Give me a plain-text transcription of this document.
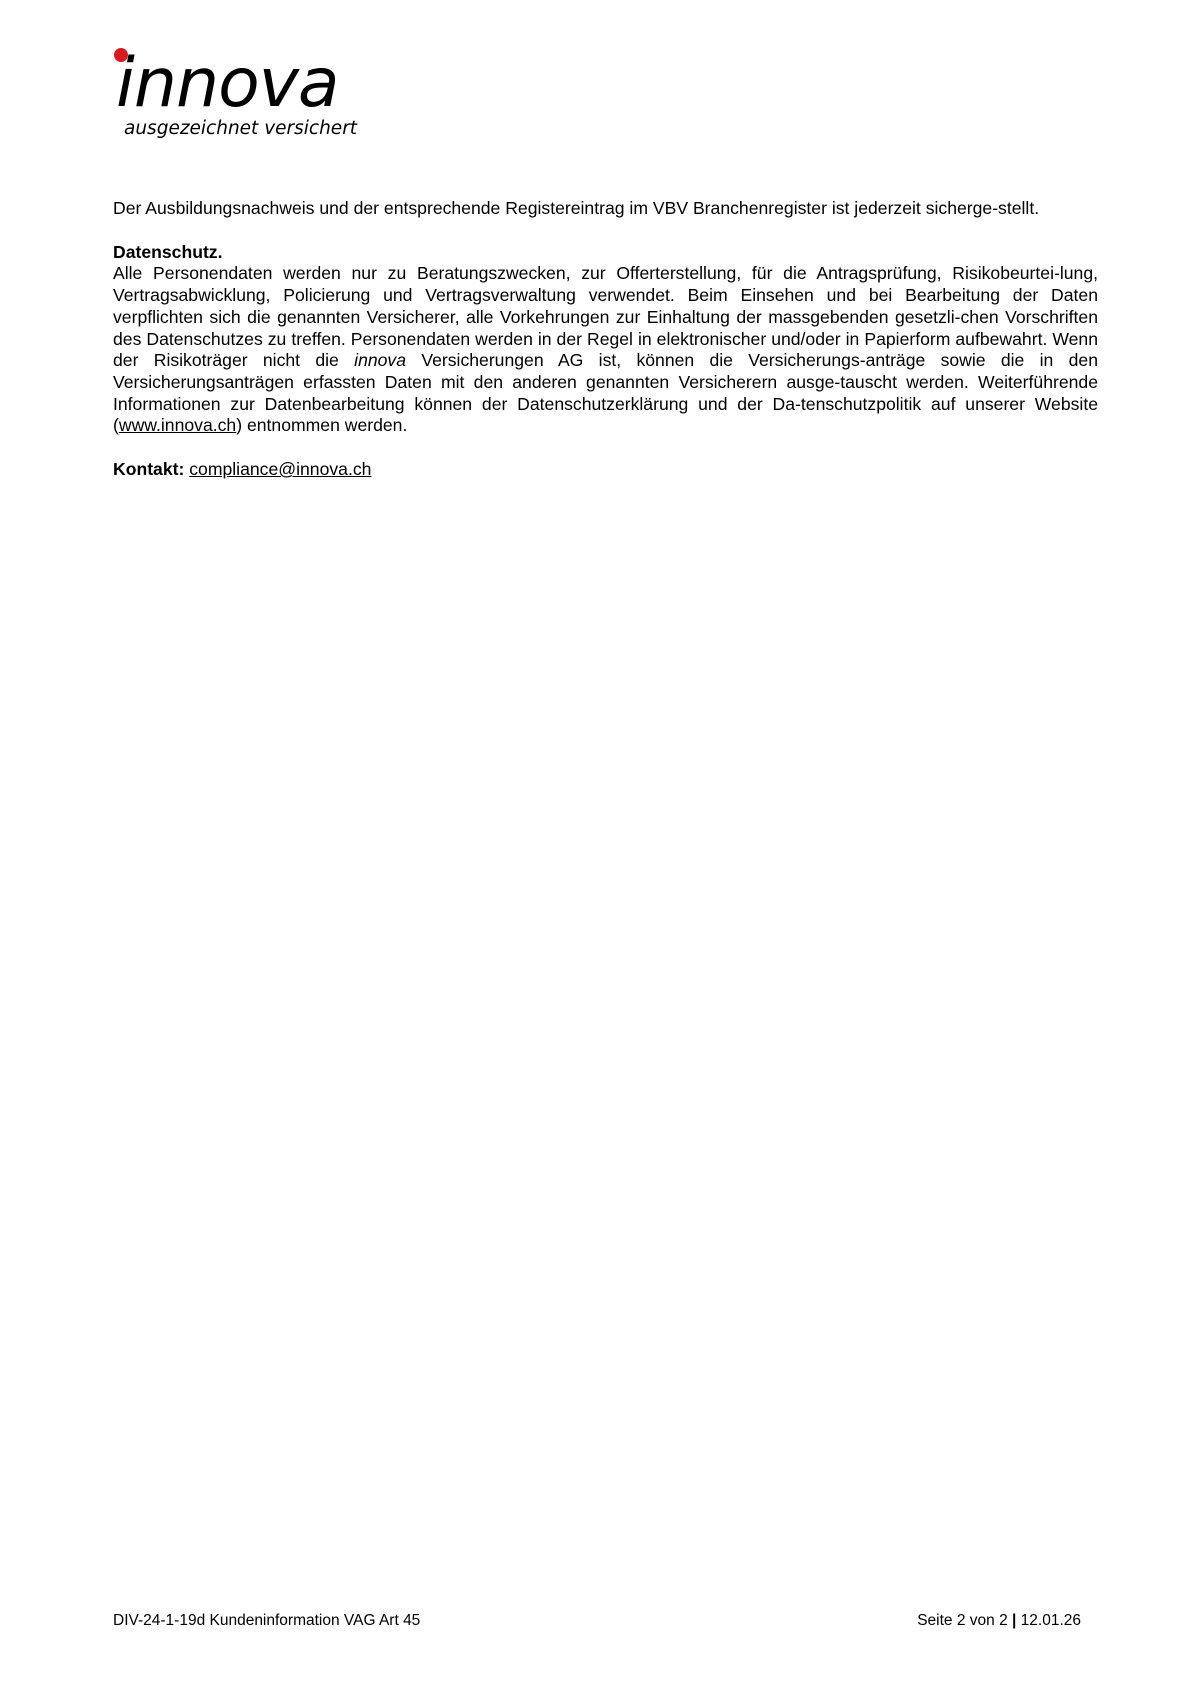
innova
ausgezeichnet versichert

Der Ausbildungsnachweis und der entsprechende Registereintrag im VBV Branchenregister ist jederzeit sicherge-stellt.

Datenschutz.

Alle Personendaten werden nur zu Beratungszwecken, zur Offerterstellung, für die Antragsprüfung, Risikobeurtei-lung, Vertragsabwicklung, Policierung und Vertragsverwaltung verwendet. Beim Einsehen und bei Bearbeitung der Daten verpflichten sich die genannten Versicherer, alle Vorkehrungen zur Einhaltung der massgebenden gesetzli-chen Vorschriften des Datenschutzes zu treffen. Personendaten werden in der Regel in elektronischer und/oder in Papierform aufbewahrt. Wenn der Risikoträger nicht die innova Versicherungen AG ist, können die Versicherungs-anträge sowie die in den Versicherungsanträgen erfassten Daten mit den anderen genannten Versicherern ausge-tauscht werden. Weiterführende Informationen zur Datenbearbeitung können der Datenschutzerklärung und der Da-tenschutzpolitik auf unserer Website (www.innova.ch) entnommen werden.

Kontakt: compliance@innova.ch

DIV-24-1-19d Kundeninformation VAG Art 45	Seite 2 von 2 | 12.01.26
